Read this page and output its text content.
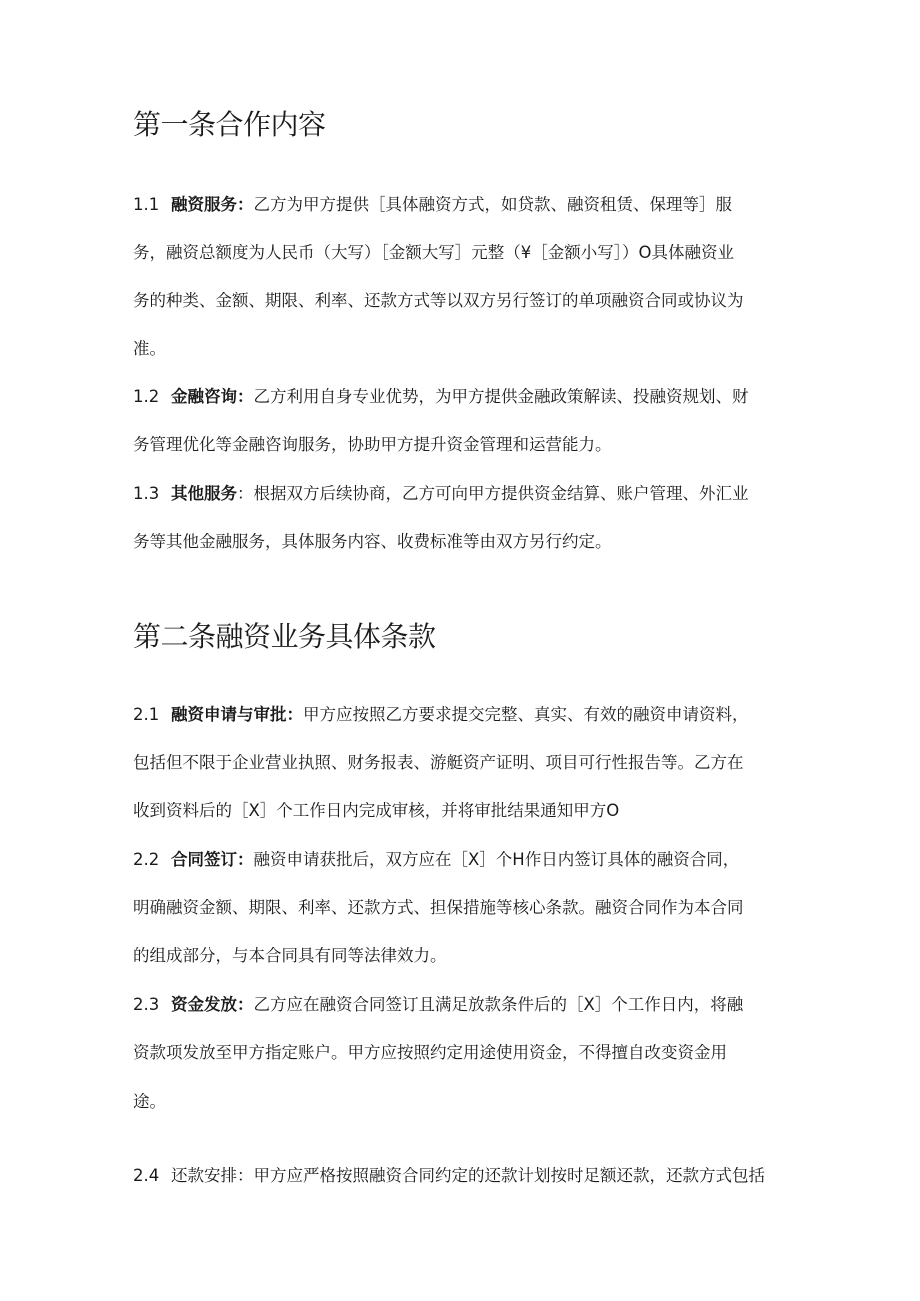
第一条合作内容
1.1 融资服务：乙方为甲方提供［具体融资方式，如贷款、融资租赁、保理等］服
务，融资总额度为人民币（大写）［金额大写］元整（¥［金额小写］）O具体融资业
务的种类、金额、期限、利率、还款方式等以双方另行签订的单项融资合同或协议为
准。
1.2 金融咨询：乙方利用自身专业优势，为甲方提供金融政策解读、投融资规划、财
务管理优化等金融咨询服务，协助甲方提升资金管理和运营能力。
1.3 其他服务：根据双方后续协商，乙方可向甲方提供资金结算、账户管理、外汇业
务等其他金融服务，具体服务内容、收费标准等由双方另行约定。
第二条融资业务具体条款
2.1 融资申请与审批：甲方应按照乙方要求提交完整、真实、有效的融资申请资料，
包括但不限于企业营业执照、财务报表、游艇资产证明、项目可行性报告等。乙方在
收到资料后的［X］个工作日内完成审核，并将审批结果通知甲方O
2.2 合同签订：融资申请获批后，双方应在［X］个H作日内签订具体的融资合同，
明确融资金额、期限、利率、还款方式、担保措施等核心条款。融资合同作为本合同
的组成部分，与本合同具有同等法律效力。
2.3 资金发放：乙方应在融资合同签订且满足放款条件后的［X］个工作日内，将融
资款项发放至甲方指定账户。甲方应按照约定用途使用资金，不得擅自改变资金用
途。
2.4 还款安排：甲方应严格按照融资合同约定的还款计划按时足额还款，还款方式包括
